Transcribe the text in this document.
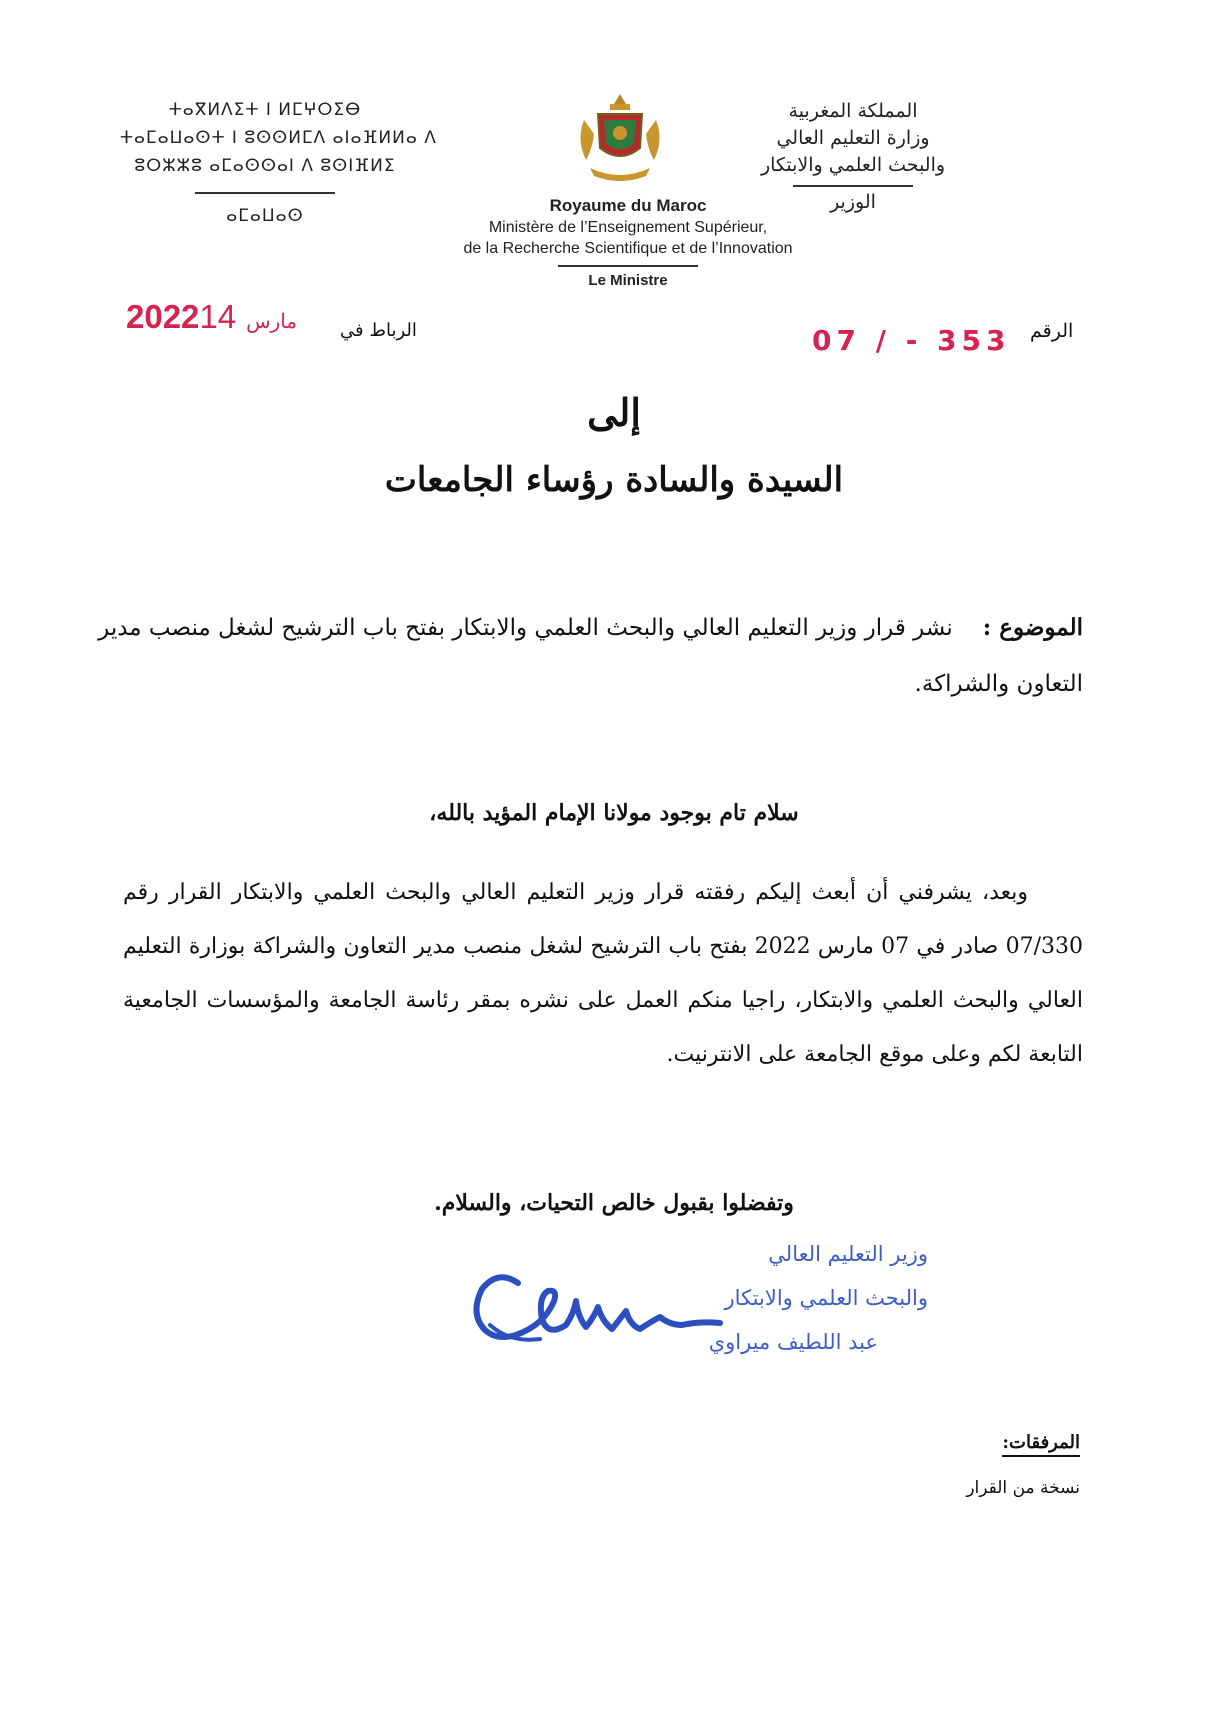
ⵜⴰⴳⵍⴷⵉⵜ ⵏ ⵍⵎⵖⵔⵉⴱ
ⵜⴰⵎⴰⵡⴰⵙⵜ ⵏ ⵓⵙⵙⵍⵎⴷ ⴰⵏⴰⴼⵍⵍⴰ ⴷ
ⵓⵔⵣⵣⵓ ⴰⵎⴰⵙⵙⴰⵏ ⴷ ⵓⵙⵏⴼⵍⵉ
ⴰⵎⴰⵡⴰⵙ
المملكة المغربية
وزارة التعليم العالي
والبحث العلمي والابتكار
الوزير
Royaume du Maroc
Ministère de l’Enseignement Supérieur,
de la Recherche Scientifique et de l’Innovation
Le Ministre
2022 مارس14	الرباط في	07 / - 353 الرقم
إلى
السيدة والسادة رؤساء الجامعات
الموضوع :نشر قرار وزير التعليم العالي والبحث العلمي والابتكار بفتح باب الترشيح لشغل منصب مدير التعاون والشراكة.
سلام تام بوجود مولانا الإمام المؤيد بالله،
وبعد، يشرفني أن أبعث إليكم رفقته قرار وزير التعليم العالي والبحث العلمي والابتكار القرار رقم 07/330 صادر في 07 مارس 2022 بفتح باب الترشيح لشغل منصب مدير التعاون والشراكة بوزارة التعليم العالي والبحث العلمي والابتكار، راجيا منكم العمل على نشره بمقر رئاسة الجامعة والمؤسسات الجامعية التابعة لكم وعلى موقع الجامعة على الانترنيت.
وتفضلوا بقبول خالص التحيات، والسلام.
وزير التعليم العالي
والبحث العلمي والابتكار
عبد اللطيف ميراوي
المرفقات:
نسخة من القرار
